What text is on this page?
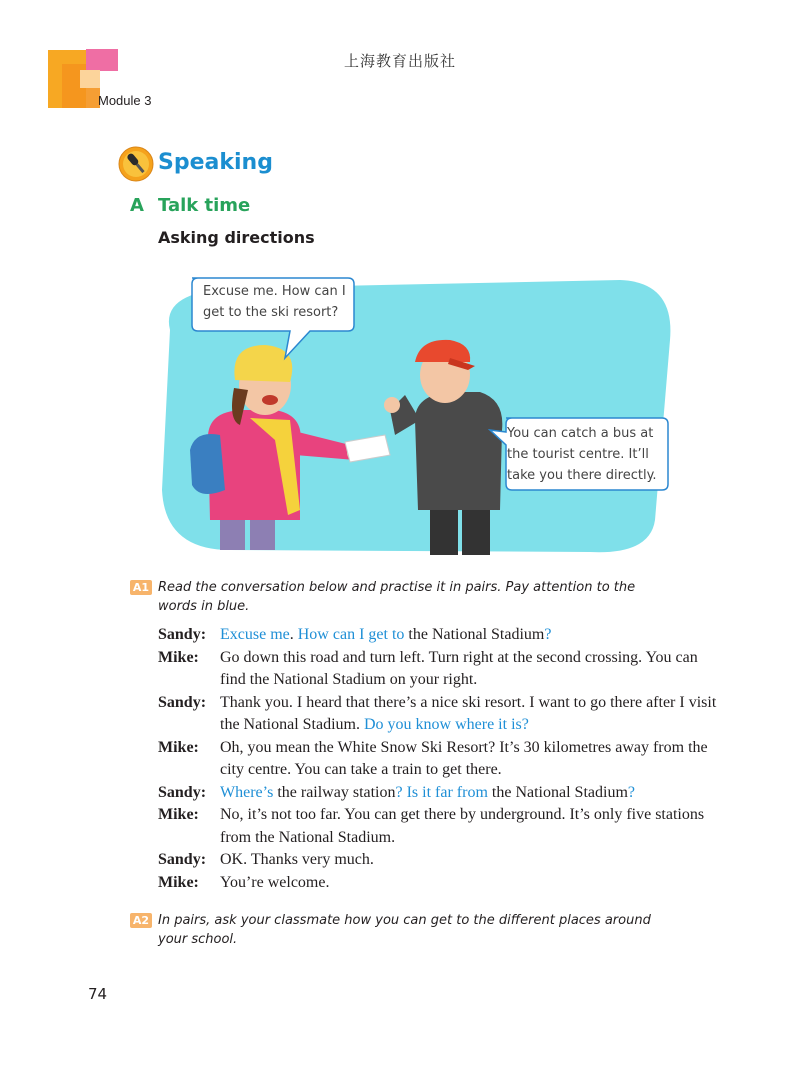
Module 3
上海教育出版社
Speaking
A Talk time
Asking directions
Excuse me. How can I
get to the ski resort?
You can catch a bus at
the tourist centre. It’ll
take you there directly.
A1 Read the conversation below and practise it in pairs. Pay attention to the words in blue.
Sandy: Excuse me. How can I get to the National Stadium?
Mike:	Go down this road and turn left. Turn right at the second crossing. You can find the National Stadium on your right.
Sandy: Thank you. I heard that there’s a nice ski resort. I want to go there after I visit the National Stadium. Do you know where it is?
Mike:	Oh, you mean the White Snow Ski Resort? It’s 30 kilometres away from the city centre. You can take a train to get there.
Sandy: Where’s the railway station? Is it far from the National Stadium?
Mike:	No, it’s not too far. You can get there by underground. It’s only five stations from the National Stadium.
Sandy: OK. Thanks very much.
Mike:	You’re welcome.
A2 In pairs, ask your classmate how you can get to the different places around your school.
74
